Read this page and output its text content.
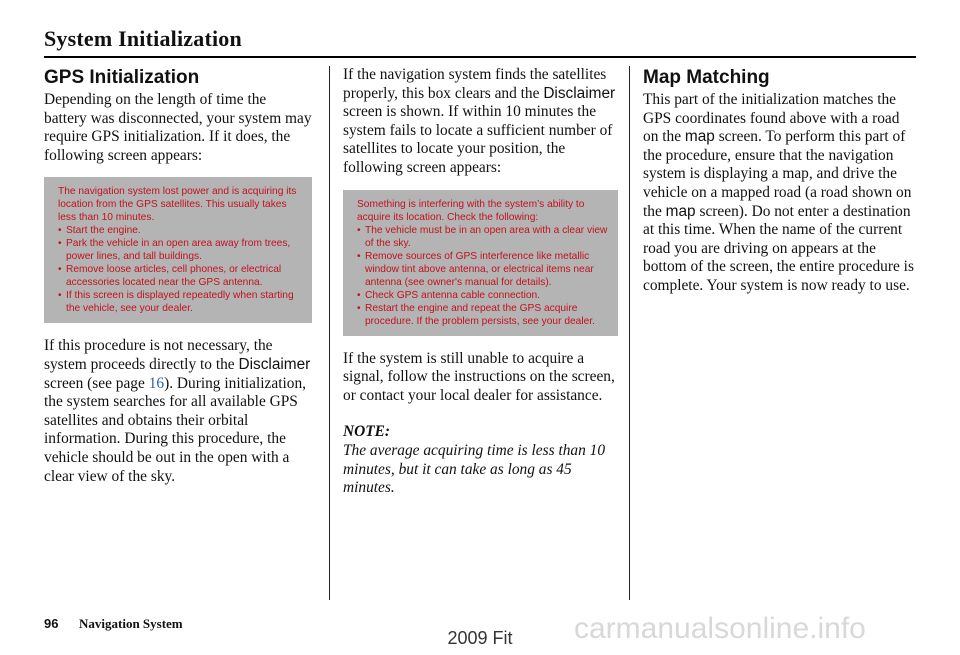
System Initialization
GPS Initialization

Depending on the length of time the battery was disconnected, your system may require GPS initialization. If it does, the following screen appears:

The navigation system lost power and is acquiring its location from the GPS satellites. This usually takes less than 10 minutes.
• Start the engine.
• Park the vehicle in an open area away from trees, power lines, and tall buildings.
• Remove loose articles, cell phones, or electrical accessories located near the GPS antenna.
• If this screen is displayed repeatedly when starting the vehicle, see your dealer.

If this procedure is not necessary, the system proceeds directly to the Disclaimer screen (see page 16). During initialization, the system searches for all available GPS satellites and obtains their orbital information. During this procedure, the vehicle should be out in the open with a clear view of the sky.

If the navigation system finds the satellites properly, this box clears and the Disclaimer screen is shown. If within 10 minutes the system fails to locate a sufficient number of satellites to locate your position, the following screen appears:

Something is interfering with the system’s ability to acquire its location. Check the following:
• The vehicle must be in an open area with a clear view of the sky.
• Remove sources of GPS interference like metallic window tint above antenna, or electrical items near antenna (see owner's manual for details).
• Check GPS antenna cable connection.
• Restart the engine and repeat the GPS acquire procedure. If the problem persists, see your dealer.

If the system is still unable to acquire a signal, follow the instructions on the screen, or contact your local dealer for assistance.

NOTE:

The average acquiring time is less than 10 minutes, but it can take as long as 45 minutes.

Map Matching

This part of the initialization matches the GPS coordinates found above with a road on the map screen. To perform this part of the procedure, ensure that the navigation system is displaying a map, and drive the vehicle on a mapped road (a road shown on the map screen). Do not enter a destination at this time. When the name of the current road you are driving on appears at the bottom of the screen, the entire procedure is complete. Your system is now ready to use.

96 Navigation System	carmanualsonline.info
2009 Fit
